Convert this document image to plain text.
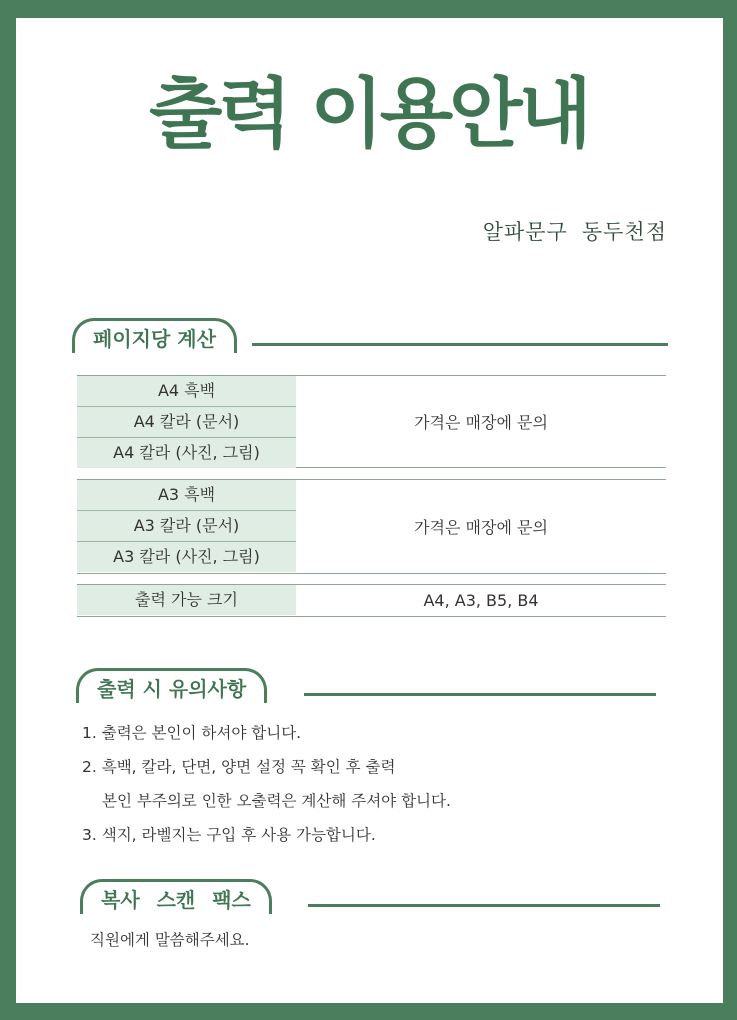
출력 이용안내
알파문구 동두천점
페이지당 계산
A4 흑백
A4 칼라 (문서)
A4 칼라 (사진, 그림)
가격은 매장에 문의
A3 흑백
A3 칼라 (문서)
A3 칼라 (사진, 그림)
가격은 매장에 문의
출력 가능 크기	A4, A3, B5, B4
출력 시 유의사항
1. 출력은 본인이 하셔야 합니다.
2. 흑백, 칼라, 단면, 양면 설정 꼭 확인 후 출력
본인 부주의로 인한 오출력은 계산해 주셔야 합니다.
3. 색지, 라벨지는 구입 후 사용 가능합니다.
복사 스캔 팩스
직원에게 말씀해주세요.
